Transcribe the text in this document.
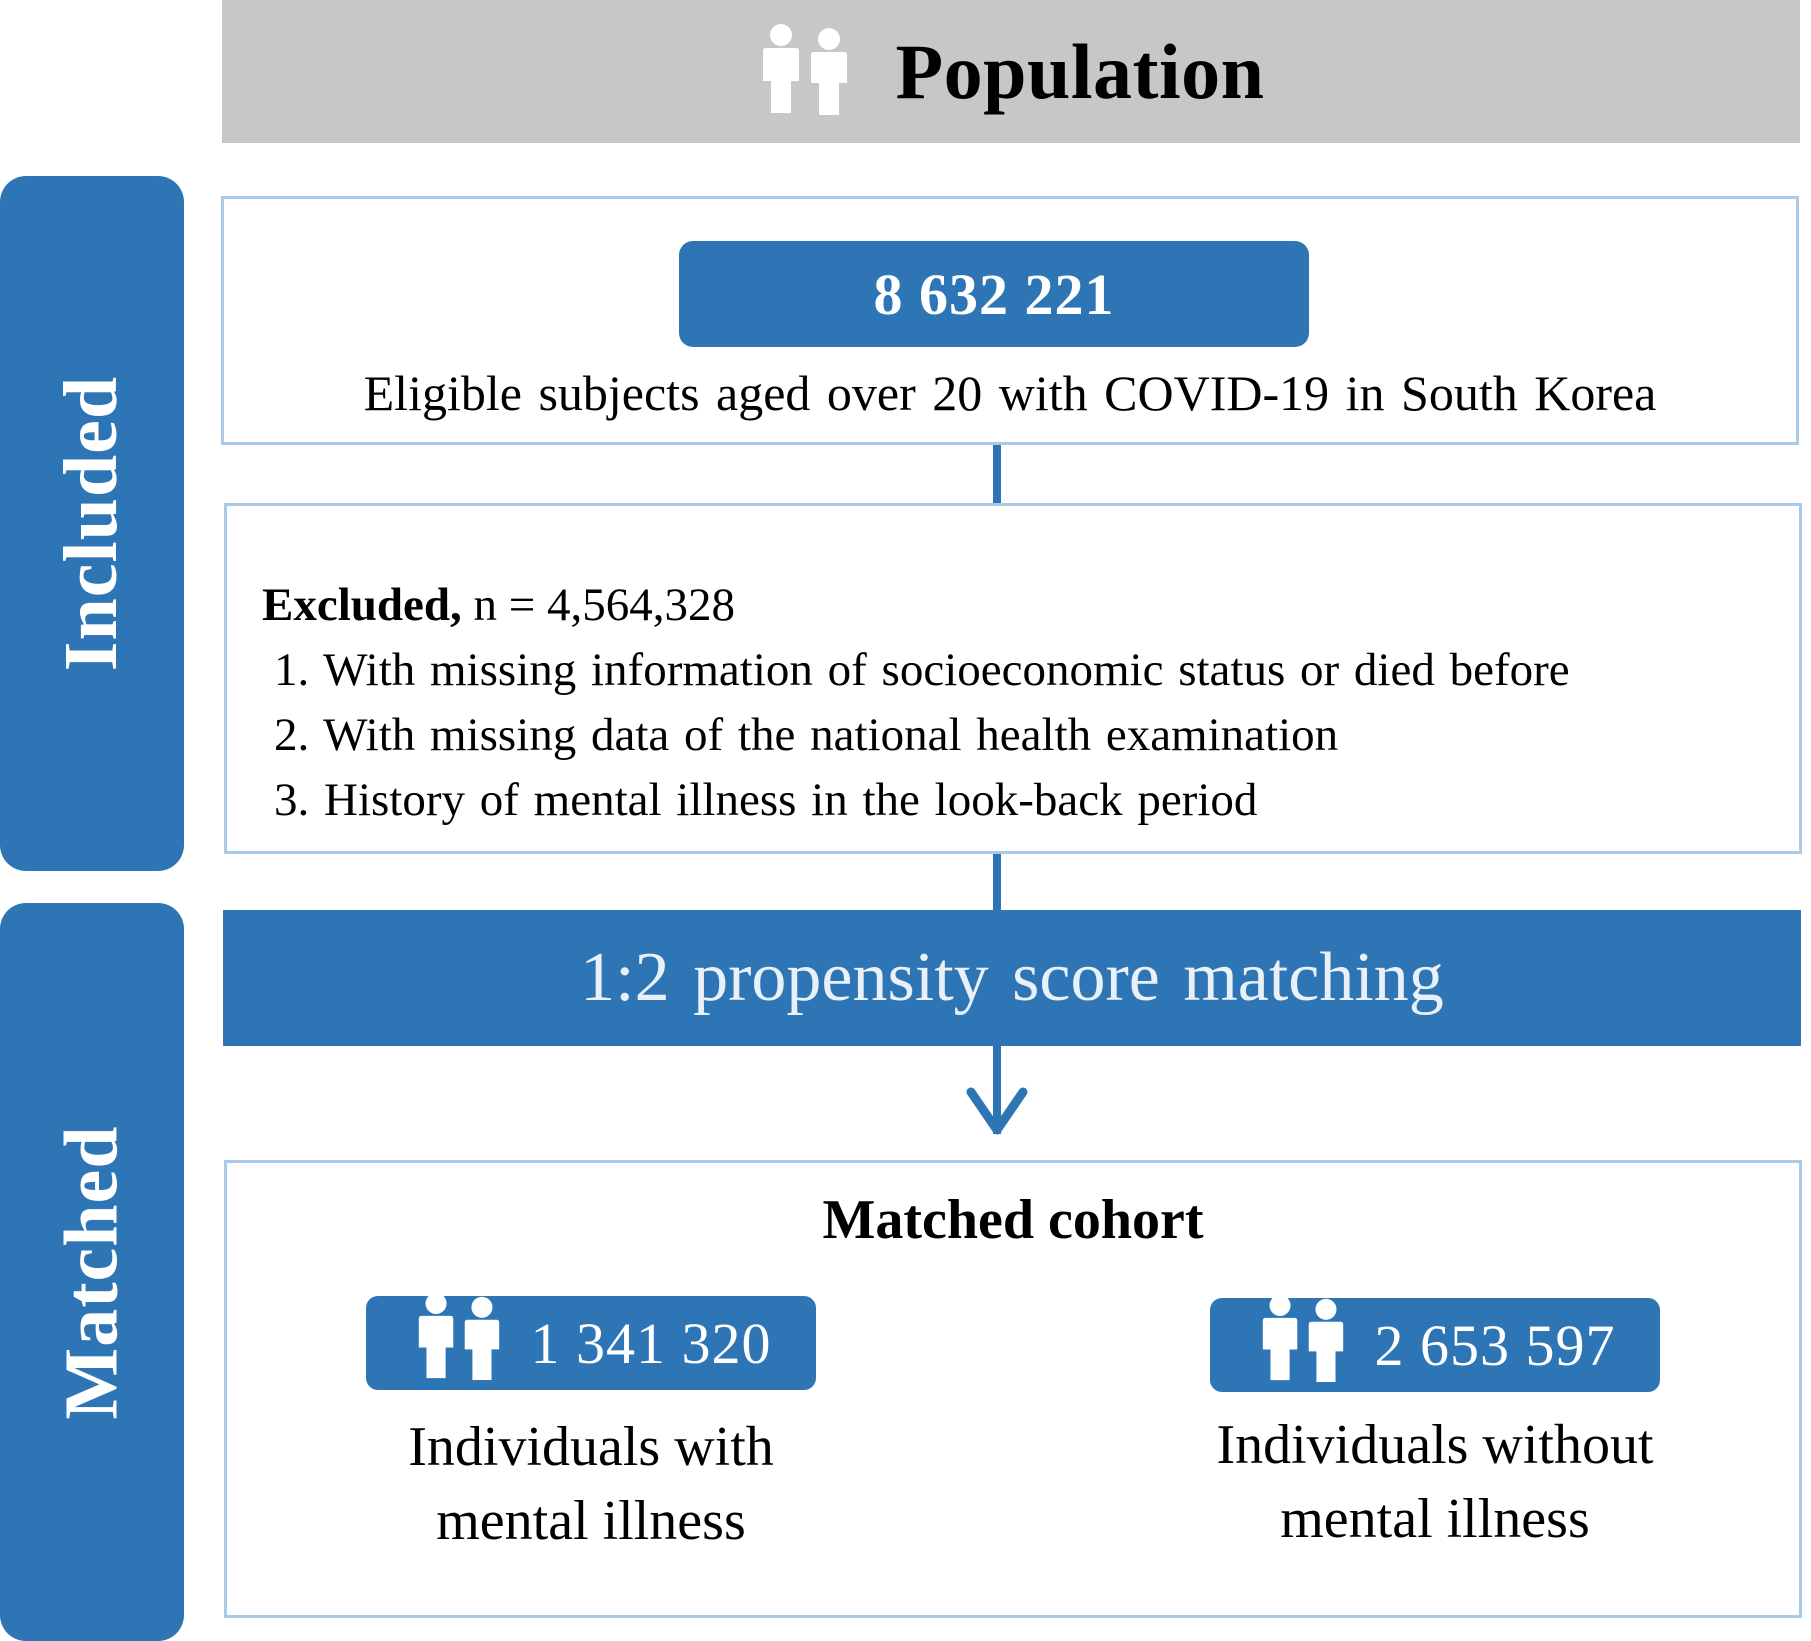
Population
Included
Matched
8 632 221
Eligible subjects aged over 20 with COVID-19 in South Korea
Excluded, n = 4,564,328
1. With missing information of socioeconomic status or died before
2. With missing data of the national health examination
3. History of mental illness in the look-back period
1:2 propensity score matching
Matched cohort
1 341 320
Individuals with
mental illness
2 653 597
Individuals without
mental illness
